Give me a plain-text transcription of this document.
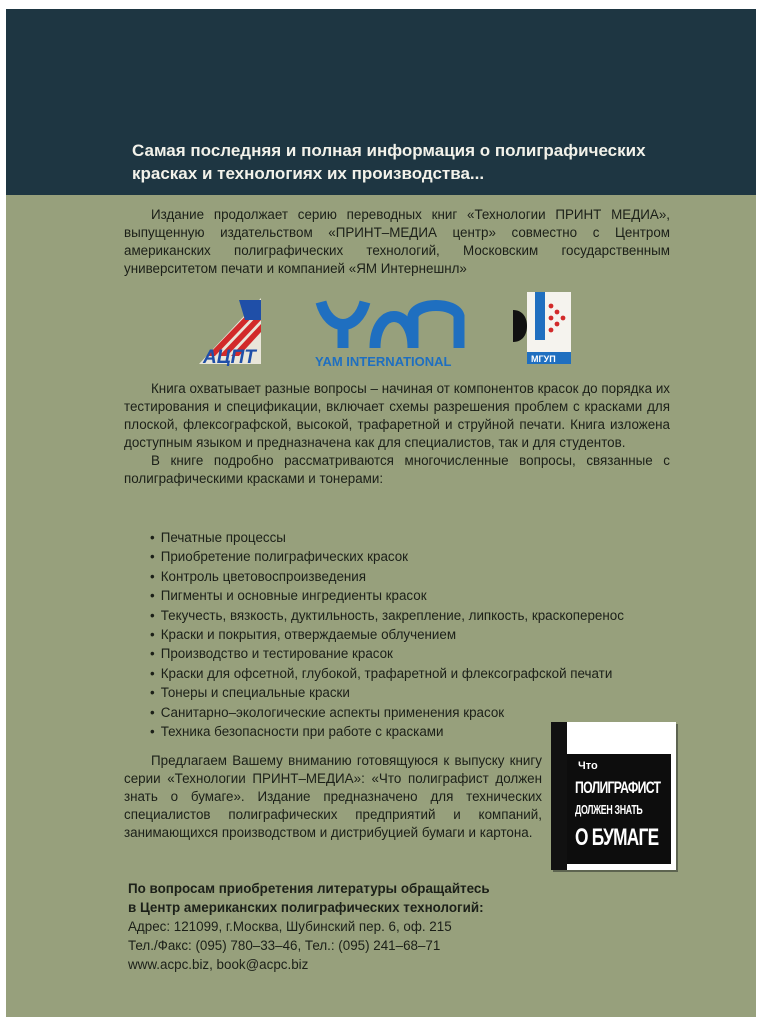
Самая последняя и полная информация о полиграфических
красках и технологиях их производства...

Издание продолжает серию переводных книг «Технологии ПРИНТ МЕДИА», выпущенную издательством «ПРИНТ–МЕДИА центр» совместно с Центром американских полиграфических технологий, Московским государственным университетом печати и компанией «ЯМ Интернешнл»

АЦПТ	YAM INTERNATIONAL	МГУП

Книга охватывает разные вопросы – начиная от компонентов красок до порядка их тестирования и спецификации, включает схемы разрешения проблем с красками для плоской, флексографской, высокой, трафаретной и струйной печати. Книга изложена доступным языком и предназначена как для специалистов, так и для студентов.

В книге подробно рассматриваются многочисленные вопросы, связанные с полиграфическими красками и тонерами:

• Печатные процессы
• Приобретение полиграфических красок
• Контроль цветовоспроизведения
• Пигменты и основные ингредиенты красок
• Текучесть, вязкость, дуктильность, закрепление, липкость, краскоперенос
• Краски и покрытия, отверждаемые облучением
• Производство и тестирование красок
• Краски для офсетной, глубокой, трафаретной и флексографской печати
• Тонеры и специальные краски
• Санитарно–экологические аспекты применения красок
• Техника безопасности при работе с красками

Предлагаем Вашему вниманию готовящуюся к выпуску книгу серии «Технологии ПРИНТ–МЕДИА»: «Что полиграфист должен знать о бумаге». Издание предназначено для технических специалистов полиграфических предприятий и компаний, занимающихся производством и дистрибуцией бумаги и картона.

Что
ПОЛИГРАФИСТ
ДОЛЖЕН ЗНАТЬ
О БУМАГЕ

По вопросам приобретения литературы обращайтесь
в Центр американских полиграфических технологий:
Адрес: 121099, г.Москва, Шубинский пер. 6, оф. 215
Тел./Факс: (095) 780–33–46, Тел.: (095) 241–68–71
www.acpc.biz, book@acpc.biz
